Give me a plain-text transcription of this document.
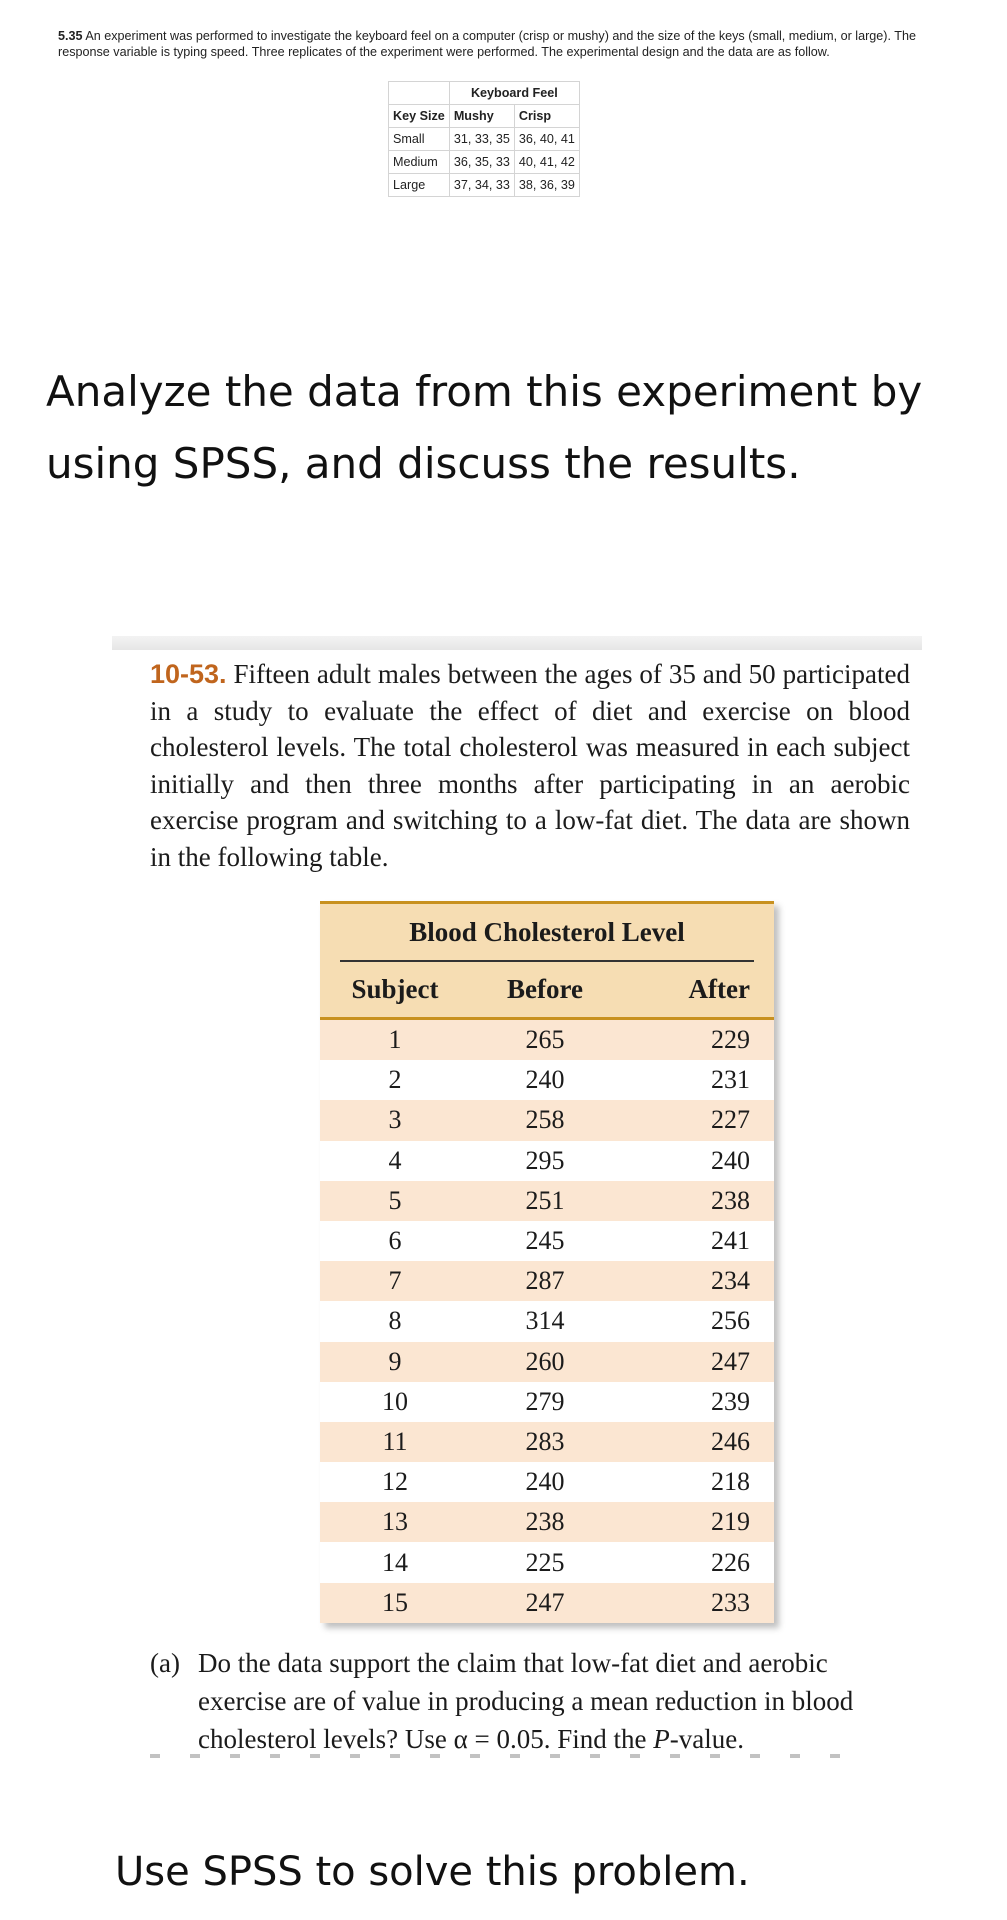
5.35 An experiment was performed to investigate the keyboard feel on a computer (crisp or mushy) and the size of the keys (small, medium, or large). The response variable is typing speed. Three replicates of the experiment were performed. The experimental design and the data are as follow.
	Keyboard Feel	
Key Size	Mushy	Crisp
Small	31, 33, 35	36, 40, 41
Medium	36, 35, 33	40, 41, 42
Large	37, 34, 33	38, 36, 39
Analyze the data from this experiment by using SPSS, and discuss the results.
10-53. Fifteen adult males between the ages of 35 and 50 participated in a study to evaluate the effect of diet and exercise on blood cholesterol levels. The total cholesterol was measured in each subject initially and then three months after participating in an aerobic exercise program and switching to a low-fat diet. The data are shown in the following table.
Blood Cholesterol Level
Subject	Before	After
1	265	229
2	240	231
3	258	227
4	295	240
5	251	238
6	245	241
7	287	234
8	314	256
9	260	247
10	279	239
11	283	246
12	240	218
13	238	219
14	225	226
15	247	233
(a) Do the data support the claim that low-fat diet and aerobic exercise are of value in producing a mean reduction in blood cholesterol levels? Use α = 0.05. Find the P-value.
Use SPSS to solve this problem.
